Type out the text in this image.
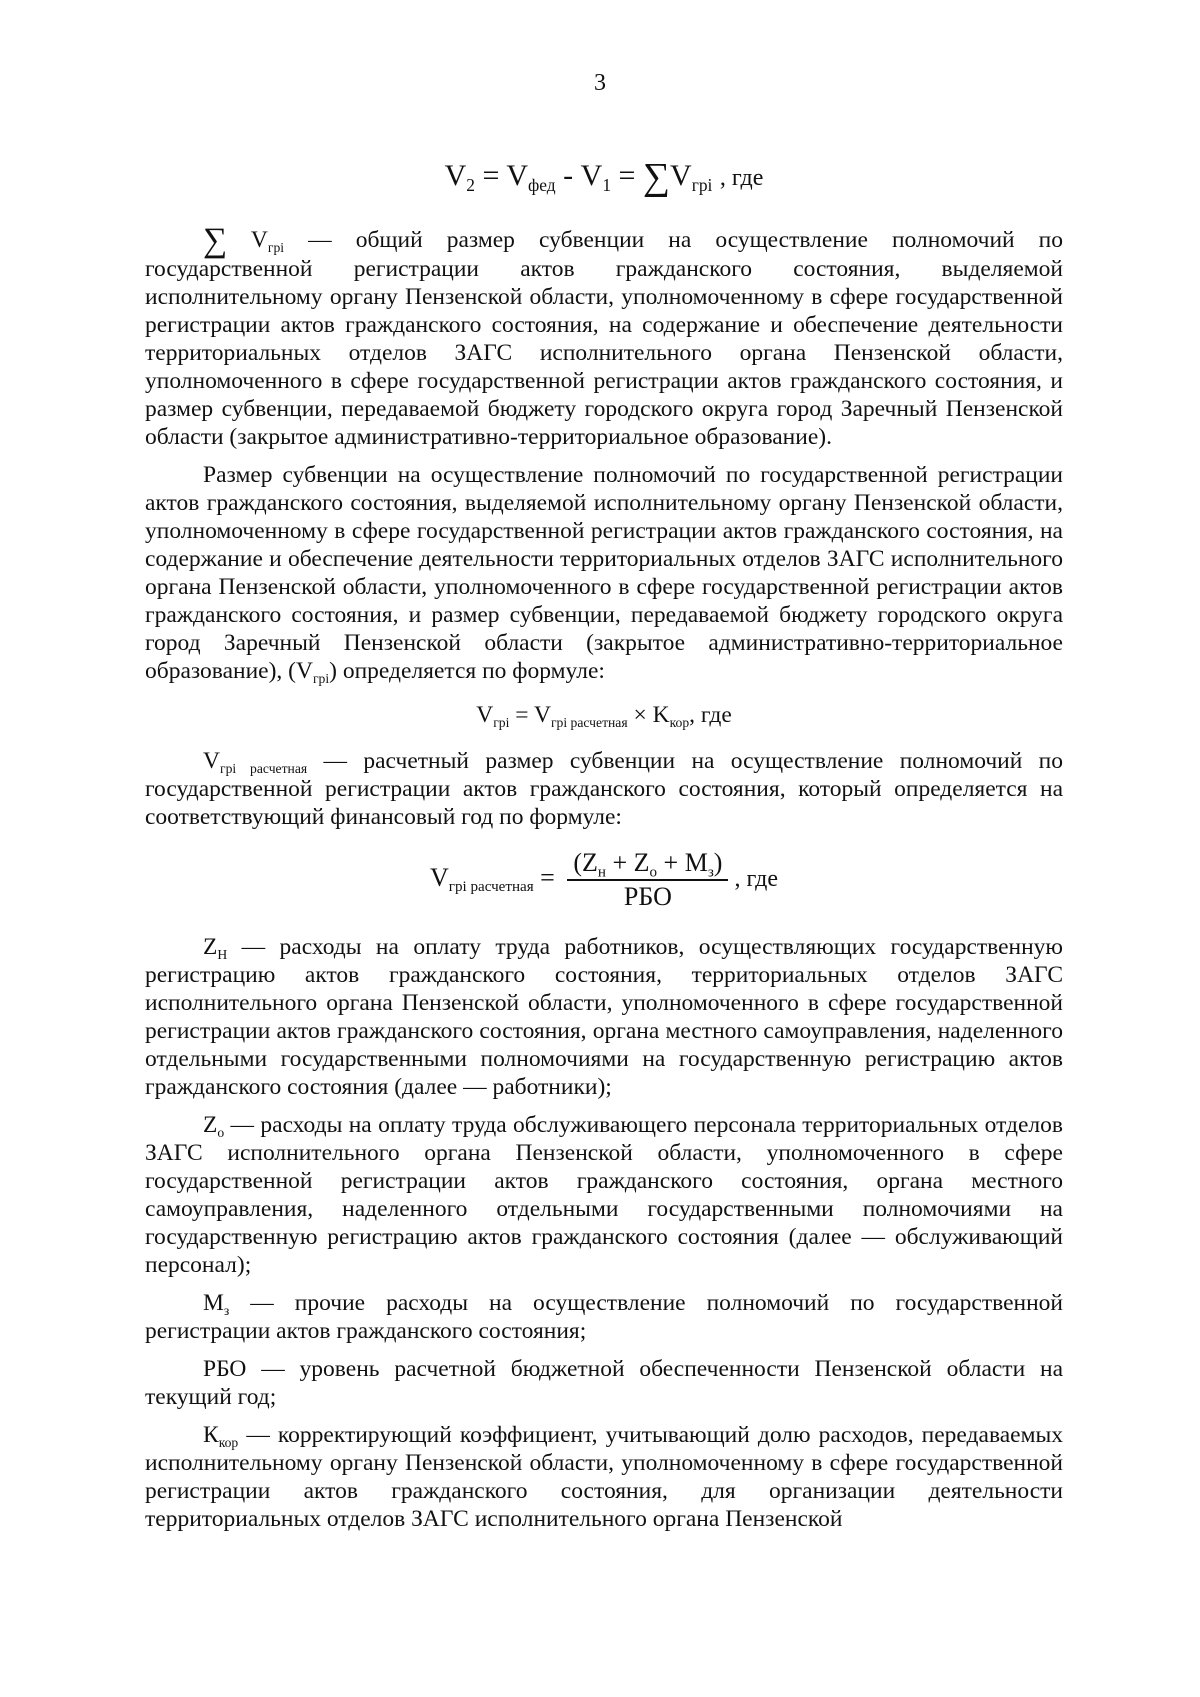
3
$V_2 = V_{фед} - V_1 = \sum V_{грi}$ , где

∑ $V_{грi}$ — общий размер субвенции на осуществление полномочий по государственной регистрации актов гражданского состояния, выделяемой исполнительному органу Пензенской области, уполномоченному в сфере государственной регистрации актов гражданского состояния, на содержание и обеспечение деятельности территориальных отделов ЗАГС исполнительного органа Пензенской области, уполномоченного в сфере государственной регистрации актов гражданского состояния, и размер субвенции, передаваемой бюджету городского округа город Заречный Пензенской области (закрытое административно-территориальное образование).

Размер субвенции на осуществление полномочий по государственной регистрации актов гражданского состояния, выделяемой исполнительному органу Пензенской области, уполномоченному в сфере государственной регистрации актов гражданского состояния, на содержание и обеспечение деятельности территориальных отделов ЗАГС исполнительного органа Пензенской области, уполномоченного в сфере государственной регистрации актов гражданского состояния, и размер субвенции, передаваемой бюджету городского округа город Заречный Пензенской области (закрытое административно-территориальное образование), $(V_{грi})$ определяется по формуле:

$V_{грi} = V_{грi расчетная} \times K_{кор}$, где

$V_{грi расчетная}$ — расчетный размер субвенции на осуществление полномочий по государственной регистрации актов гражданского состояния, который определяется на соответствующий финансовый год по формуле:

$V_{грi расчетная} = \frac{(Z_н + Z_о + M_з)}{\text{РБО}}$ , где

$Z_Н$ — расходы на оплату труда работников, осуществляющих государственную регистрацию актов гражданского состояния, территориальных отделов ЗАГС исполнительного органа Пензенской области, уполномоченного в сфере государственной регистрации актов гражданского состояния, органа местного самоуправления, наделенного отдельными государственными полномочиями на государственную регистрацию актов гражданского состояния (далее — работники);

$Z_о$ — расходы на оплату труда обслуживающего персонала территориальных отделов ЗАГС исполнительного органа Пензенской области, уполномоченного в сфере государственной регистрации актов гражданского состояния, органа местного самоуправления, наделенного отдельными государственными полномочиями на государственную регистрацию актов гражданского состояния (далее — обслуживающий персонал);

$М_з$ — прочие расходы на осуществление полномочий по государственной регистрации актов гражданского состояния;

РБО — уровень расчетной бюджетной обеспеченности Пензенской области на текущий год;

$К_{кор}$ — корректирующий коэффициент, учитывающий долю расходов, передаваемых исполнительному органу Пензенской области, уполномоченному в сфере государственной регистрации актов гражданского состояния, для организации деятельности территориальных отделов ЗАГС исполнительного органа Пензенской
